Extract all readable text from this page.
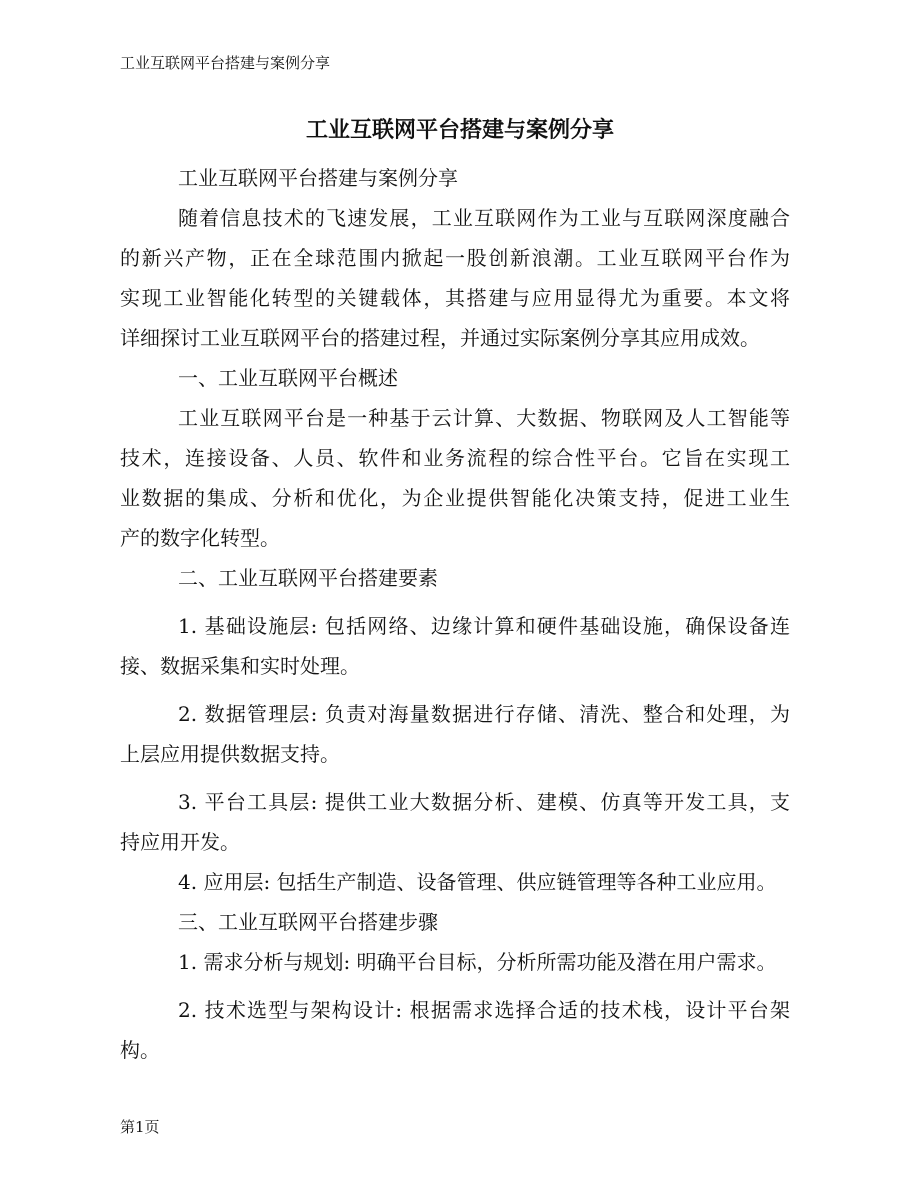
工业互联网平台搭建与案例分享
工业互联网平台搭建与案例分享
工业互联网平台搭建与案例分享
随着信息技术的飞速发展，工业互联网作为工业与互联网深度融合
的新兴产物，正在全球范围内掀起一股创新浪潮。工业互联网平台作为
实现工业智能化转型的关键载体，其搭建与应用显得尤为重要。本文将
详细探讨工业互联网平台的搭建过程，并通过实际案例分享其应用成效。
一、工业互联网平台概述
工业互联网平台是一种基于云计算、大数据、物联网及人工智能等
技术，连接设备、人员、软件和业务流程的综合性平台。它旨在实现工
业数据的集成、分析和优化，为企业提供智能化决策支持，促进工业生
产的数字化转型。
二、工业互联网平台搭建要素
1. 基础设施层: 包括网络、边缘计算和硬件基础设施，确保设备连
接、数据采集和实时处理。
2. 数据管理层: 负责对海量数据进行存储、清洗、整合和处理，为
上层应用提供数据支持。
3. 平台工具层: 提供工业大数据分析、建模、仿真等开发工具，支
持应用开发。
4. 应用层: 包括生产制造、设备管理、供应链管理等各种工业应用。
三、工业互联网平台搭建步骤
1. 需求分析与规划: 明确平台目标，分析所需功能及潜在用户需求。
2. 技术选型与架构设计: 根据需求选择合适的技术栈，设计平台架
构。
第1页
